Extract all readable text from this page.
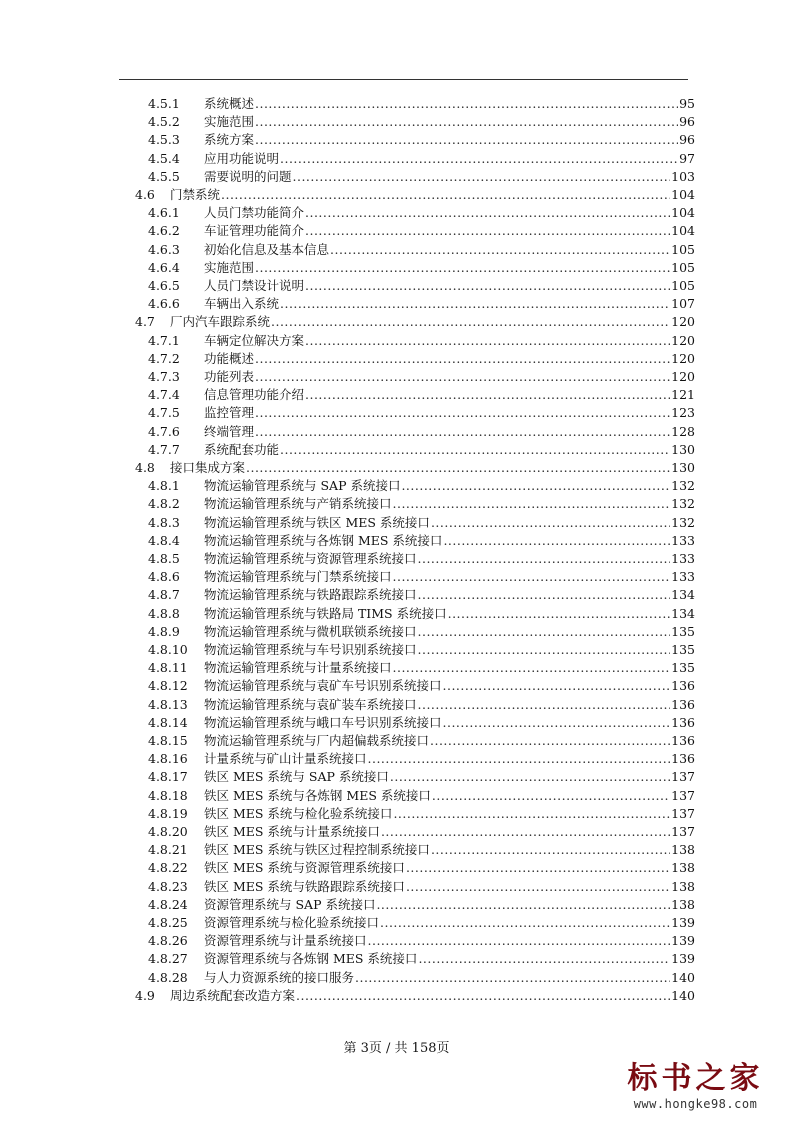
4.5.1	系统概述 .....	95
4.5.2	实施范围 .....	96
4.5.3	系统方案 .....	96
4.5.4	应用功能说明 .....	97
4.5.5	需要说明的问题 .....	103
4.6	门禁系统 .....	104
4.6.1	人员门禁功能简介 .....	104
4.6.2	车证管理功能简介 .....	104
4.6.3	初始化信息及基本信息 .....	105
4.6.4	实施范围 .....	105
4.6.5	人员门禁设计说明 .....	105
4.6.6	车辆出入系统 .....	107
4.7	厂内汽车跟踪系统 .....	120
4.7.1	车辆定位解决方案 .....	120
4.7.2	功能概述 .....	120
4.7.3	功能列表 .....	120
4.7.4	信息管理功能介绍 .....	121
4.7.5	监控管理 .....	123
4.7.6	终端管理 .....	128
4.7.7	系统配套功能 .....	130
4.8	接口集成方案 .....	130
4.8.1	物流运输管理系统与 SAP 系统接口 .....	132
4.8.2	物流运输管理系统与产销系统接口 .....	132
4.8.3	物流运输管理系统与铁区 MES 系统接口 .....	132
4.8.4	物流运输管理系统与各炼钢 MES 系统接口 .....	133
4.8.5	物流运输管理系统与资源管理系统接口 .....	133
4.8.6	物流运输管理系统与门禁系统接口 .....	133
4.8.7	物流运输管理系统与铁路跟踪系统接口 .....	134
4.8.8	物流运输管理系统与铁路局 TIMS 系统接口 .....	134
4.8.9	物流运输管理系统与微机联锁系统接口 .....	135
4.8.10	物流运输管理系统与车号识别系统接口 .....	135
4.8.11	物流运输管理系统与计量系统接口 .....	135
4.8.12	物流运输管理系统与袁矿车号识别系统接口 .....	136
4.8.13	物流运输管理系统与袁矿装车系统接口 .....	136
4.8.14	物流运输管理系统与峨口车号识别系统接口 .....	136
4.8.15	物流运输管理系统与厂内超偏载系统接口 .....	136
4.8.16	计量系统与矿山计量系统接口 .....	136
4.8.17	铁区 MES 系统与 SAP 系统接口 .....	137
4.8.18	铁区 MES 系统与各炼钢 MES 系统接口 .....	137
4.8.19	铁区 MES 系统与检化验系统接口 .....	137
4.8.20	铁区 MES 系统与计量系统接口 .....	137
4.8.21	铁区 MES 系统与铁区过程控制系统接口 .....	138
4.8.22	铁区 MES 系统与资源管理系统接口 .....	138
4.8.23	铁区 MES 系统与铁路跟踪系统接口 .....	138
4.8.24	资源管理系统与 SAP 系统接口 .....	138
4.8.25	资源管理系统与检化验系统接口 .....	139
4.8.26	资源管理系统与计量系统接口 .....	139
4.8.27	资源管理系统与各炼钢 MES 系统接口 .....	139
4.8.28	与人力资源系统的接口服务 .....	140
4.9	周边系统配套改造方案 .....	140
第 3页 / 共 158页
标书之家
www.hongke98.com
